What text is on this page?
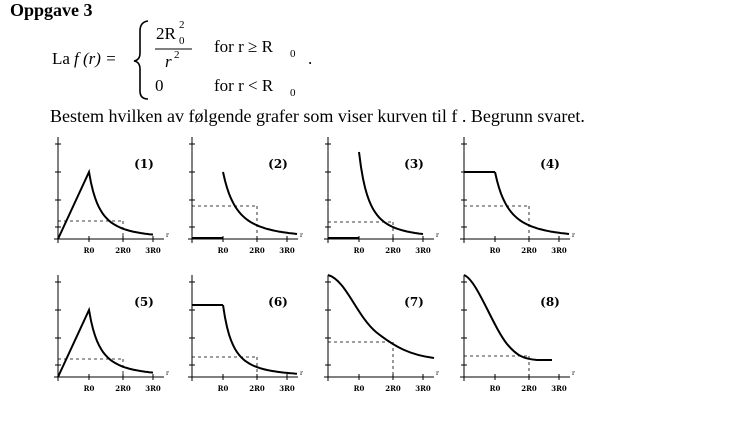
Oppgave 3
La f (r) =
2R 2
0
r 2 for r ≥ R 0 .
0	for r < R 0
Bestem hvilken av følgende grafer som viser kurven til f . Begrunn svaret.
r
R0	2R0 3R0
(1)
r
R0	2R0 3R0
(2)
r
R0	2R0 3R0
(3)
r
R0	2R0 3R0
(4)
r
R0	2R0 3R0
(5)
r
R0	2R0 3R0
(6)
r
R0	2R0 3R0
(7)
r
R0	2R0 3R0
(8)
